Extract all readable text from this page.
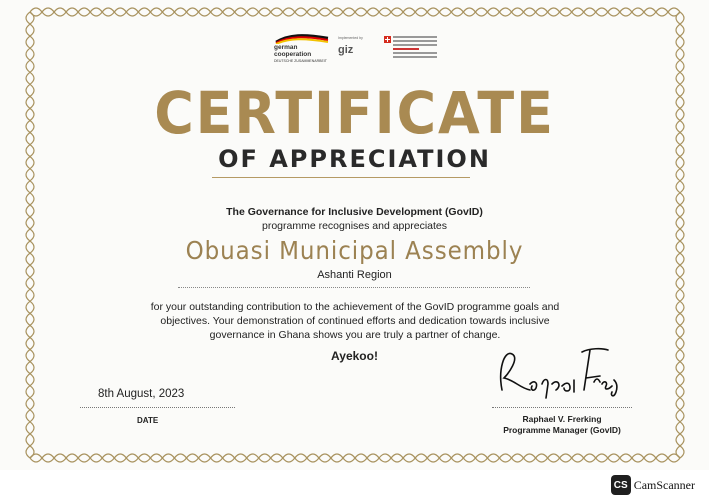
german cooperation
DEUTSCHE ZUSAMMENARBEIT
Implemented by
giz
CERTIFICATE
OF APPRECIATION
The Governance for Inclusive Development (GovID)
programme recognises and appreciates
Obuasi Municipal Assembly
Ashanti Region
for your outstanding contribution to the achievement of the GovID programme goals and
objectives. Your demonstration of continued efforts and dedication towards inclusive
governance in Ghana shows you are truly a partner of change.
Ayekoo!
8th August, 2023
DATE	Raphael V. Frerking
Programme Manager (GovID)
CS CamScanner
